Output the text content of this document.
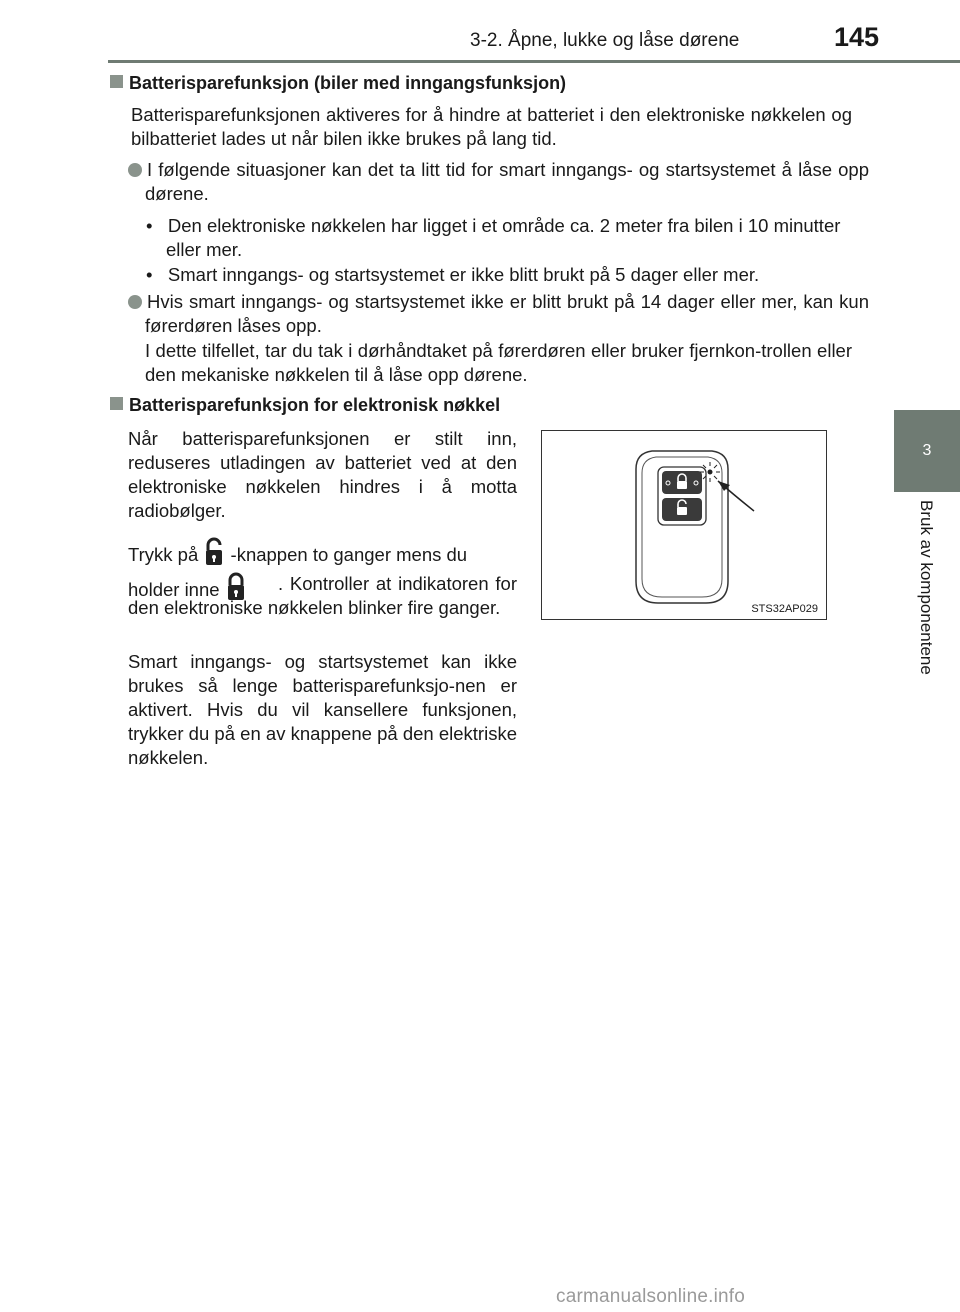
3-2. Åpne, lukke og låse dørene	145
3
Bruk av komponentene
Batterisparefunksjon (biler med inngangsfunksjon)
Batterisparefunksjonen aktiveres for å hindre at batteriet i den elektroniske nøkkelen og bilbatteriet lades ut når bilen ikke brukes på lang tid.
I følgende situasjoner kan det ta litt tid for smart inngangs- og startsystemet å låse opp dørene.
•   Den elektroniske nøkkelen har ligget i et område ca. 2 meter fra bilen i 10 minutter eller mer.
•   Smart inngangs- og startsystemet er ikke blitt brukt på 5 dager eller mer.
Hvis smart inngangs- og startsystemet ikke er blitt brukt på 14 dager eller mer, kan kun førerdøren låses opp.
I dette tilfellet, tar du tak i dørhåndtaket på førerdøren eller bruker fjernkon-trollen eller den mekaniske nøkkelen til å låse opp dørene.
Batterisparefunksjon for elektronisk nøkkel
Når batterisparefunksjonen er stilt inn, reduseres utladingen av batteriet ved at den elektroniske nøkkelen hindres i å motta radiobølger.
Trykk på -knappen to ganger mens du
holder inne	. Kontroller at indikatoren for den elektroniske nøkkelen blinker fire ganger.
Smart inngangs- og startsystemet kan ikke brukes så lenge batterisparefunksjo-nen er aktivert. Hvis du vil kansellere funksjonen, trykker du på en av knappene på den elektriske nøkkelen.
STS32AP029
carmanualsonline.info
